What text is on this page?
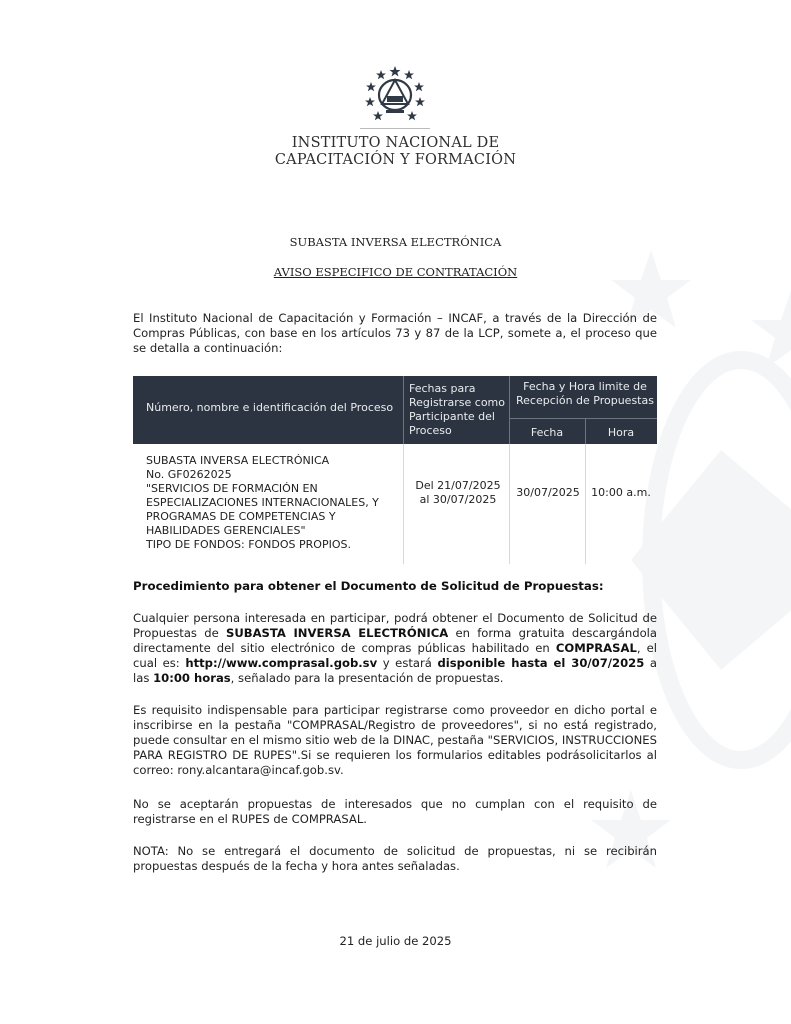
INSTITUTO NACIONAL DE
CAPACITACIÓN Y FORMACIÓN
SUBASTA INVERSA ELECTRÓNICA
AVISO ESPECIFICO DE CONTRATACIÓN
El Instituto Nacional de Capacitación y Formación – INCAF, a través de la Dirección de Compras Públicas, con base en los artículos 73 y 87 de la LCP, somete a, el proceso que se detalla a continuación:
Número, nombre e identificación del Proceso
Fechas para Registrarse como Participante del Proceso
Fecha y Hora limite de Recepción de Propuestas
Fecha	Hora
SUBASTA INVERSA ELECTRÓNICA
No. GF0262025
"SERVICIOS DE FORMACIÓN EN
ESPECIALIZACIONES INTERNACIONALES, Y
PROGRAMAS DE COMPETENCIAS Y
HABILIDADES GERENCIALES"
TIPO DE FONDOS: FONDOS PROPIOS.
Del 21/07/2025
al 30/07/2025
30/07/2025	10:00 a.m.
Procedimiento para obtener el Documento de Solicitud de Propuestas:
Cualquier persona interesada en participar, podrá obtener el Documento de Solicitud de Propuestas de SUBASTA INVERSA ELECTRÓNICA en forma gratuita descargándola directamente del sitio electrónico de compras públicas habilitado en COMPRASAL, el cual es: http://www.comprasal.gob.sv y estará disponible hasta el 30/07/2025 a las 10:00 horas, señalado para la presentación de propuestas.
Es requisito indispensable para participar registrarse como proveedor en dicho portal e inscribirse en la pestaña "COMPRASAL/Registro de proveedores", si no está registrado, puede consultar en el mismo sitio web de la DINAC, pestaña "SERVICIOS, INSTRUCCIONES PARA REGISTRO DE RUPES".Si se requieren los formularios editables podrásolicitarlos al correo: rony.alcantara@incaf.gob.sv.
No se aceptarán propuestas de interesados que no cumplan con el requisito de registrarse en el RUPES de COMPRASAL.
NOTA: No se entregará el documento de solicitud de propuestas, ni se recibirán propuestas después de la fecha y hora antes señaladas.
21 de julio de 2025
